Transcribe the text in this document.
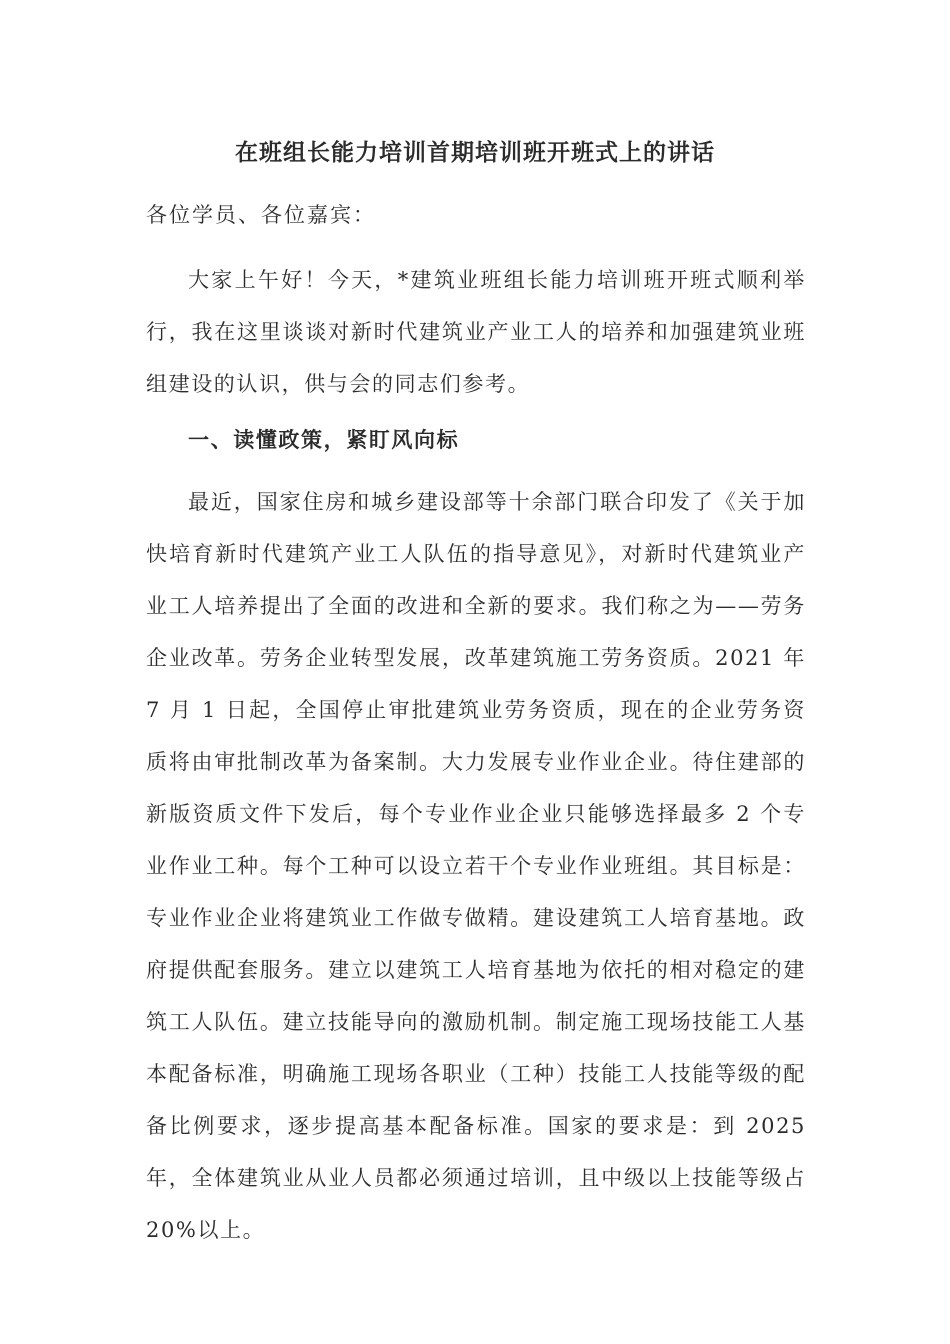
在班组长能力培训首期培训班开班式上的讲话
各位学员、各位嘉宾：

大家上午好！今天，*建筑业班组长能力培训班开班式顺利举行，我在这里谈谈对新时代建筑业产业工人的培养和加强建筑业班组建设的认识，供与会的同志们参考。

一、读懂政策，紧盯风向标

最近，国家住房和城乡建设部等十余部门联合印发了《关于加快培育新时代建筑产业工人队伍的指导意见》，对新时代建筑业产业工人培养提出了全面的改进和全新的要求。我们称之为——劳务企业改革。劳务企业转型发展，改革建筑施工劳务资质。2021 年 7 月 1 日起，全国停止审批建筑业劳务资质，现在的企业劳务资质将由审批制改革为备案制。大力发展专业作业企业。待住建部的新版资质文件下发后，每个专业作业企业只能够选择最多 2 个专业作业工种。每个工种可以设立若干个专业作业班组。其目标是：专业作业企业将建筑业工作做专做精。建设建筑工人培育基地。政府提供配套服务。建立以建筑工人培育基地为依托的相对稳定的建筑工人队伍。建立技能导向的激励机制。制定施工现场技能工人基本配备标准，明确施工现场各职业（工种）技能工人技能等级的配备比例要求，逐步提高基本配备标准。国家的要求是：到 2025 年，全体建筑业从业人员都必须通过培训，且中级以上技能等级占 20%以上。
